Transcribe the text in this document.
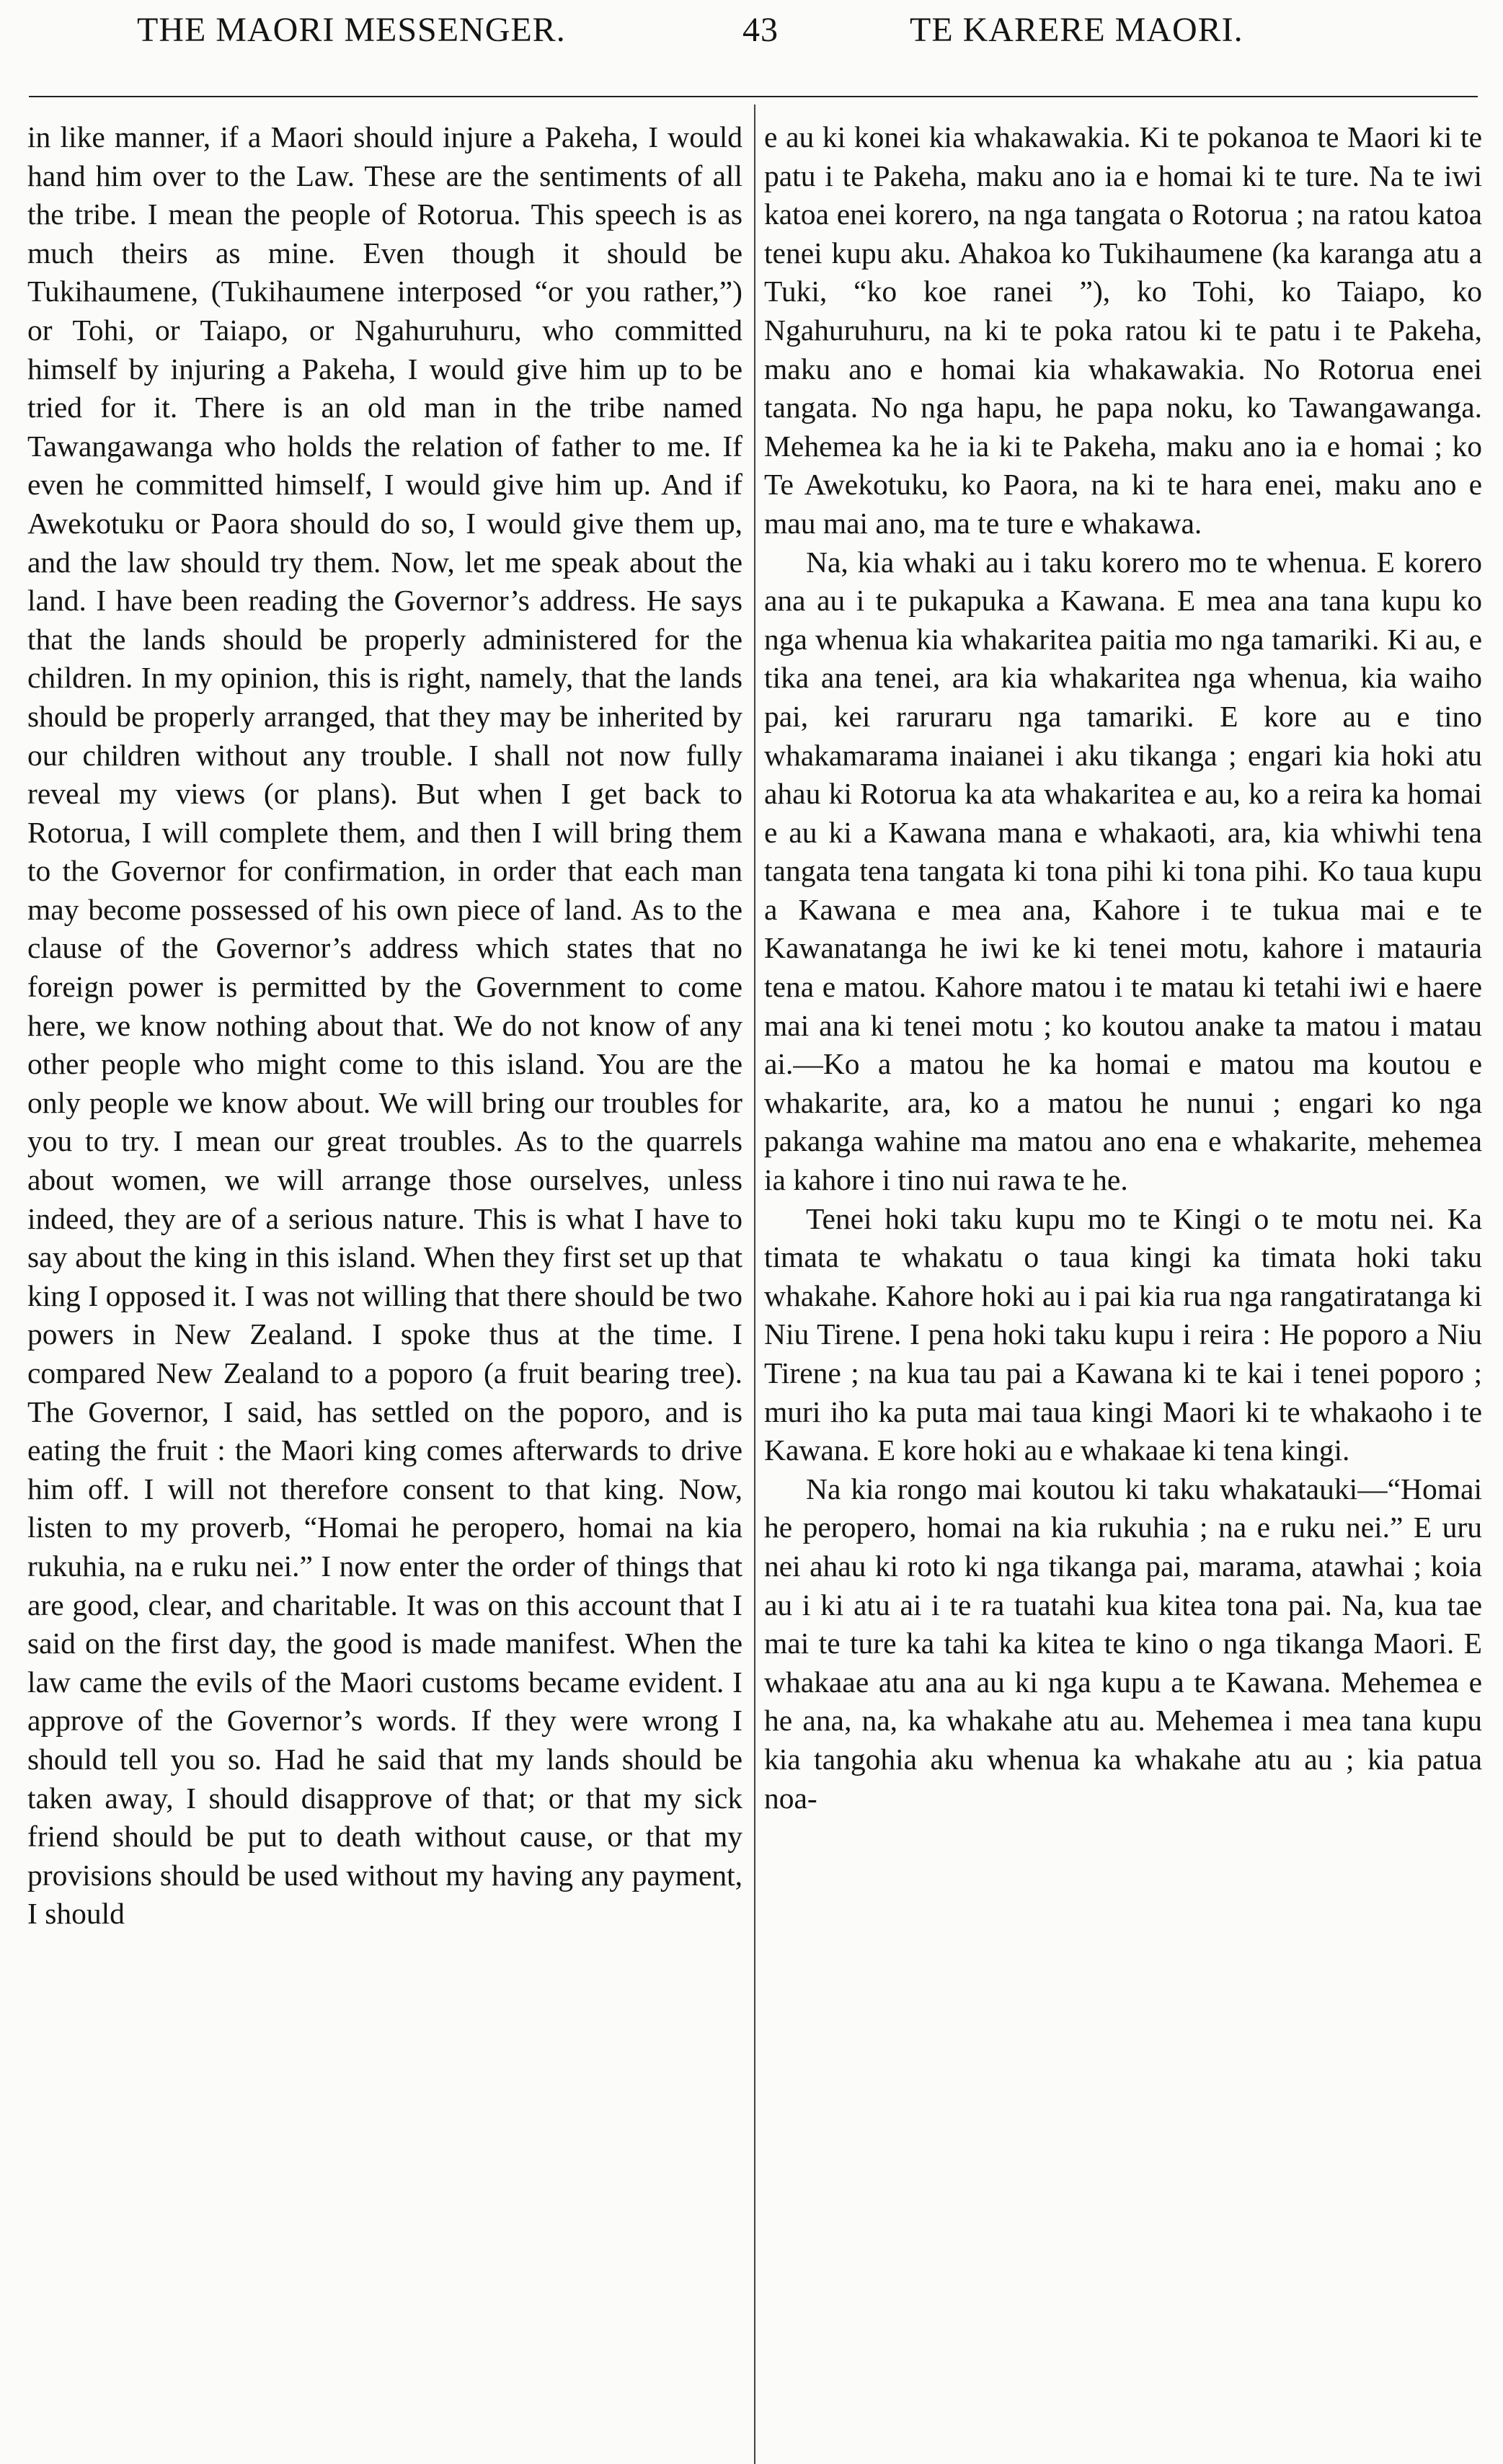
THE MAORI MESSENGER.	43	TE KARERE MAORI.

in like manner, if a Maori should injure a Pakeha, I would hand him over to the Law. These are the sentiments of all the tribe. I mean the people of Rotorua. This speech is as much theirs as mine. Even though it should be Tukihaumene, (Tukihaumene interposed “or you rather,”) or Tohi, or Taiapo, or Ngahuruhuru, who committed himself by injuring a Pakeha, I would give him up to be tried for it. There is an old man in the tribe named Tawangawanga who holds the relation of father to me. If even he committed himself, I would give him up. And if Awekotuku or Paora should do so, I would give them up, and the law should try them. Now, let me speak about the land. I have been reading the Governor’s address. He says that the lands should be properly administered for the children. In my opinion, this is right, namely, that the lands should be properly arranged, that they may be inherited by our children without any trouble. I shall not now fully reveal my views (or plans). But when I get back to Rotorua, I will complete them, and then I will bring them to the Governor for confirmation, in order that each man may become possessed of his own piece of land. As to the clause of the Governor’s address which states that no foreign power is permitted by the Government to come here, we know nothing about that. We do not know of any other people who might come to this island. You are the only people we know about. We will bring our troubles for you to try. I mean our great troubles. As to the quarrels about women, we will arrange those ourselves, unless indeed, they are of a serious nature. This is what I have to say about the king in this island. When they first set up that king I opposed it. I was not willing that there should be two powers in New Zealand. I spoke thus at the time. I compared New Zealand to a poporo (a fruit bearing tree). The Governor, I said, has settled on the poporo, and is eating the fruit : the Maori king comes afterwards to drive him off. I will not therefore consent to that king. Now, listen to my proverb, “Homai he peropero, homai na kia rukuhia, na e ruku nei.” I now enter the order of things that are good, clear, and charitable. It was on this account that I said on the first day, the good is made manifest. When the law came the evils of the Maori customs became evident. I approve of the Governor’s words. If they were wrong I should tell you so. Had he said that my lands should be taken away, I should disapprove of that; or that my sick friend should be put to death without cause, or that my provisions should be used without my having any payment, I should

e au ki konei kia whakawakia. Ki te pokanoa te Maori ki te patu i te Pakeha, maku ano ia e homai ki te ture. Na te iwi katoa enei korero, na nga tangata o Rotorua ; na ratou katoa tenei kupu aku. Ahakoa ko Tukihaumene (ka karanga atu a Tuki, “ko koe ranei ”), ko Tohi, ko Taiapo, ko Ngahuruhuru, na ki te poka ratou ki te patu i te Pakeha, maku ano e homai kia whakawakia. No Rotorua enei tangata. No nga hapu, he papa noku, ko Tawangawanga. Mehemea ka he ia ki te Pakeha, maku ano ia e homai ; ko Te Awekotuku, ko Paora, na ki te hara enei, maku ano e mau mai ano, ma te ture e whakawa.

Na, kia whaki au i taku korero mo te whenua. E korero ana au i te pukapuka a Kawana. E mea ana tana kupu ko nga whenua kia whakaritea paitia mo nga tamariki. Ki au, e tika ana tenei, ara kia whakaritea nga whenua, kia waiho pai, kei raruraru nga tamariki. E kore au e tino whakamarama inaianei i aku tikanga ; engari kia hoki atu ahau ki Rotorua ka ata whakaritea e au, ko a reira ka homai e au ki a Kawana mana e whakaoti, ara, kia whiwhi tena tangata tena tangata ki tona pihi ki tona pihi. Ko taua kupu a Kawana e mea ana, Kahore i te tukua mai e te Kawanatanga he iwi ke ki tenei motu, kahore i matauria tena e matou. Kahore matou i te matau ki tetahi iwi e haere mai ana ki tenei motu ; ko koutou anake ta matou i matau ai.—Ko a matou he ka homai e matou ma koutou e whakarite, ara, ko a matou he nunui ; engari ko nga pakanga wahine ma matou ano ena e whakarite, mehemea ia kahore i tino nui rawa te he.

Tenei hoki taku kupu mo te Kingi o te motu nei. Ka timata te whakatu o taua kingi ka timata hoki taku whakahe. Kahore hoki au i pai kia rua nga rangatiratanga ki Niu Tirene. I pena hoki taku kupu i reira : He poporo a Niu Tirene ; na kua tau pai a Kawana ki te kai i tenei poporo ; muri iho ka puta mai taua kingi Maori ki te whakaoho i te Kawana. E kore hoki au e whakaae ki tena kingi.

Na kia rongo mai koutou ki taku whakatauki—“Homai he peropero, homai na kia rukuhia ; na e ruku nei.” E uru nei ahau ki roto ki nga tikanga pai, marama, atawhai ; koia au i ki atu ai i te ra tuatahi kua kitea tona pai. Na, kua tae mai te ture ka tahi ka kitea te kino o nga tikanga Maori. E whakaae atu ana au ki nga kupu a te Kawana. Mehemea e he ana, na, ka whakahe atu au. Mehemea i mea tana kupu kia tangohia aku whenua ka whakahe atu au ; kia patua noa-
